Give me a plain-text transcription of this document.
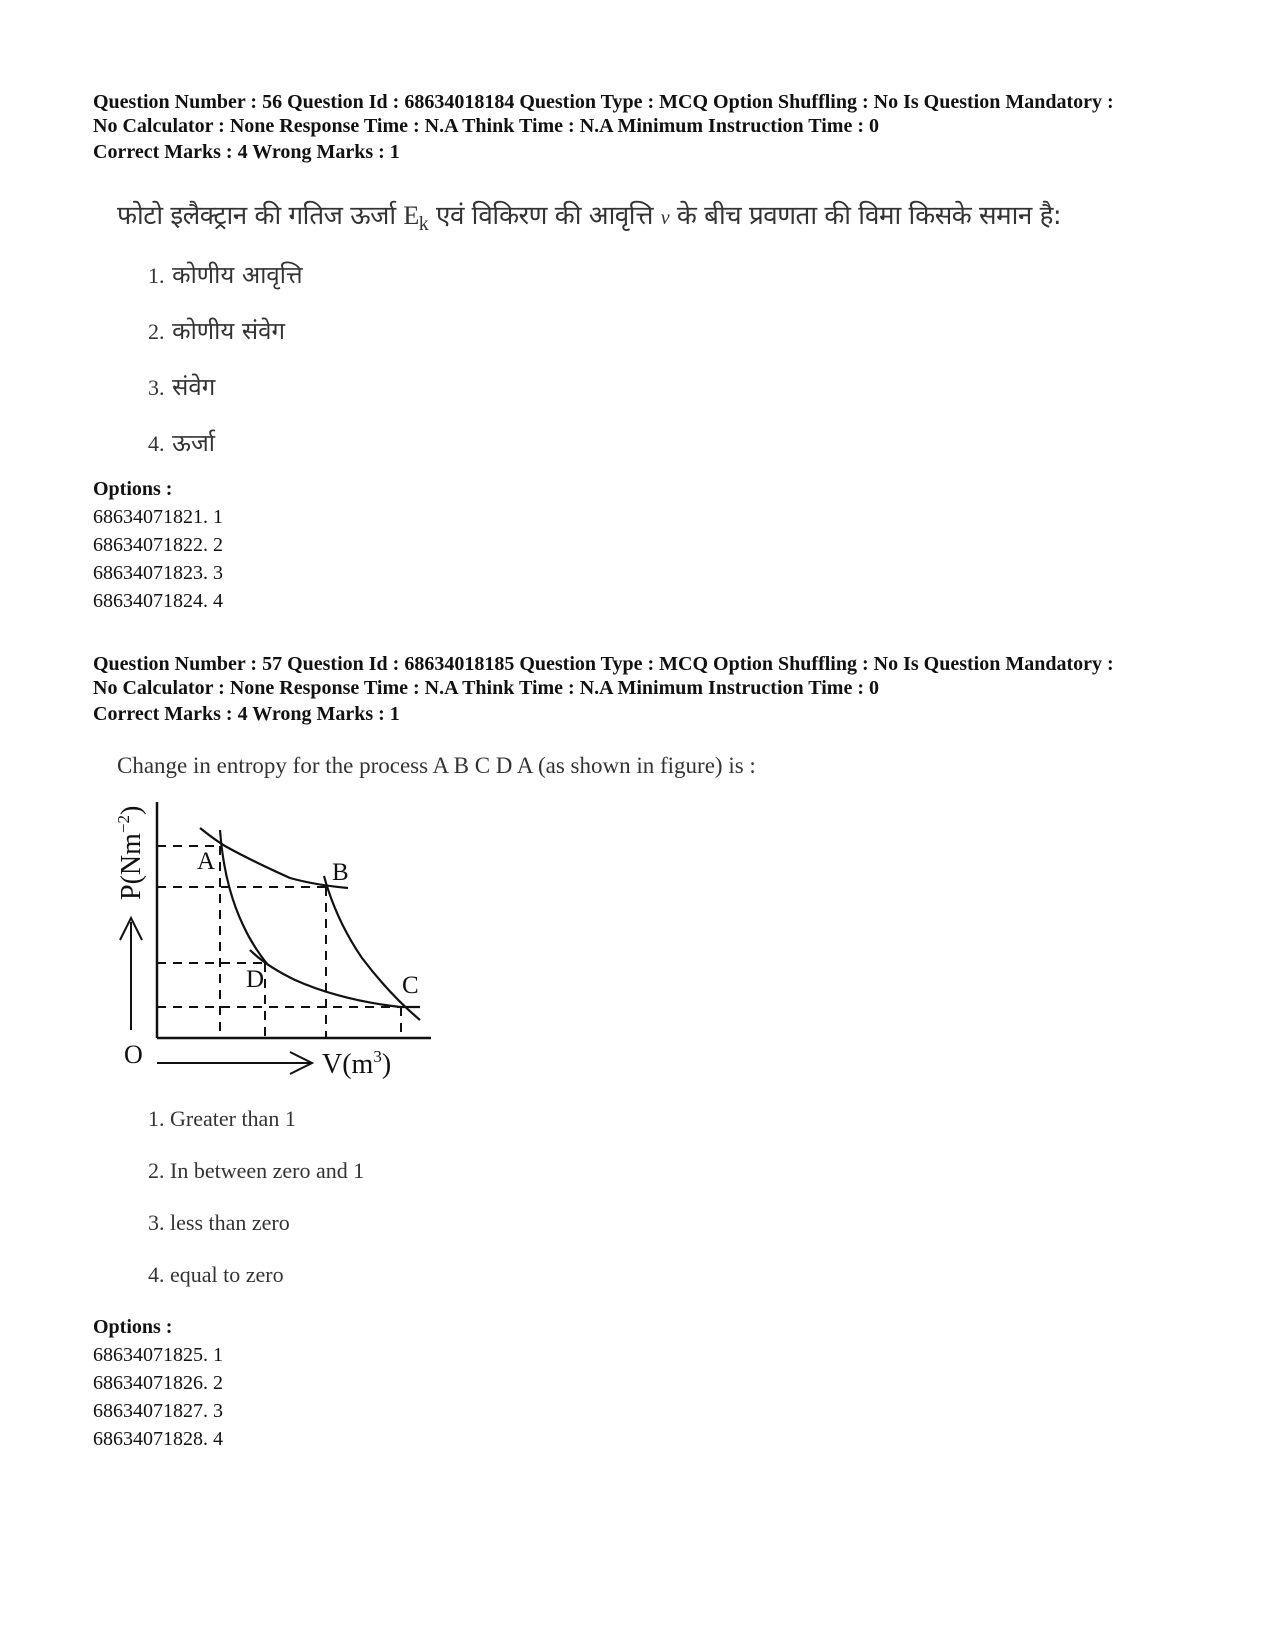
Question Number : 56 Question Id : 68634018184 Question Type : MCQ Option Shuffling : No Is Question Mandatory :
No Calculator : None Response Time : N.A Think Time : N.A Minimum Instruction Time : 0

Correct Marks : 4 Wrong Marks : 1

फोटो इलैक्ट्रान की गतिज ऊर्जा $E_k$ एवं विकिरण की आवृत्ति ν के बीच प्रवणता की विमा किसके समान है:
1. कोणीय आवृत्ति
2. कोणीय संवेग
3. संवेग
4. ऊर्जा
Options :
68634071821. 1
68634071822. 2
68634071823. 3
68634071824. 4

Question Number : 57 Question Id : 68634018185 Question Type : MCQ Option Shuffling : No Is Question Mandatory :
No Calculator : None Response Time : N.A Think Time : N.A Minimum Instruction Time : 0

Correct Marks : 4 Wrong Marks : 1

Change in entropy for the process A B C D A (as shown in figure) is :
$P(Nm^{-2})$
$V(m^3)$
O
A	B
C
D
1. Greater than 1
2. In between zero and 1
3. less than zero
4. equal to zero
Options :
68634071825. 1
68634071826. 2
68634071827. 3
68634071828. 4
